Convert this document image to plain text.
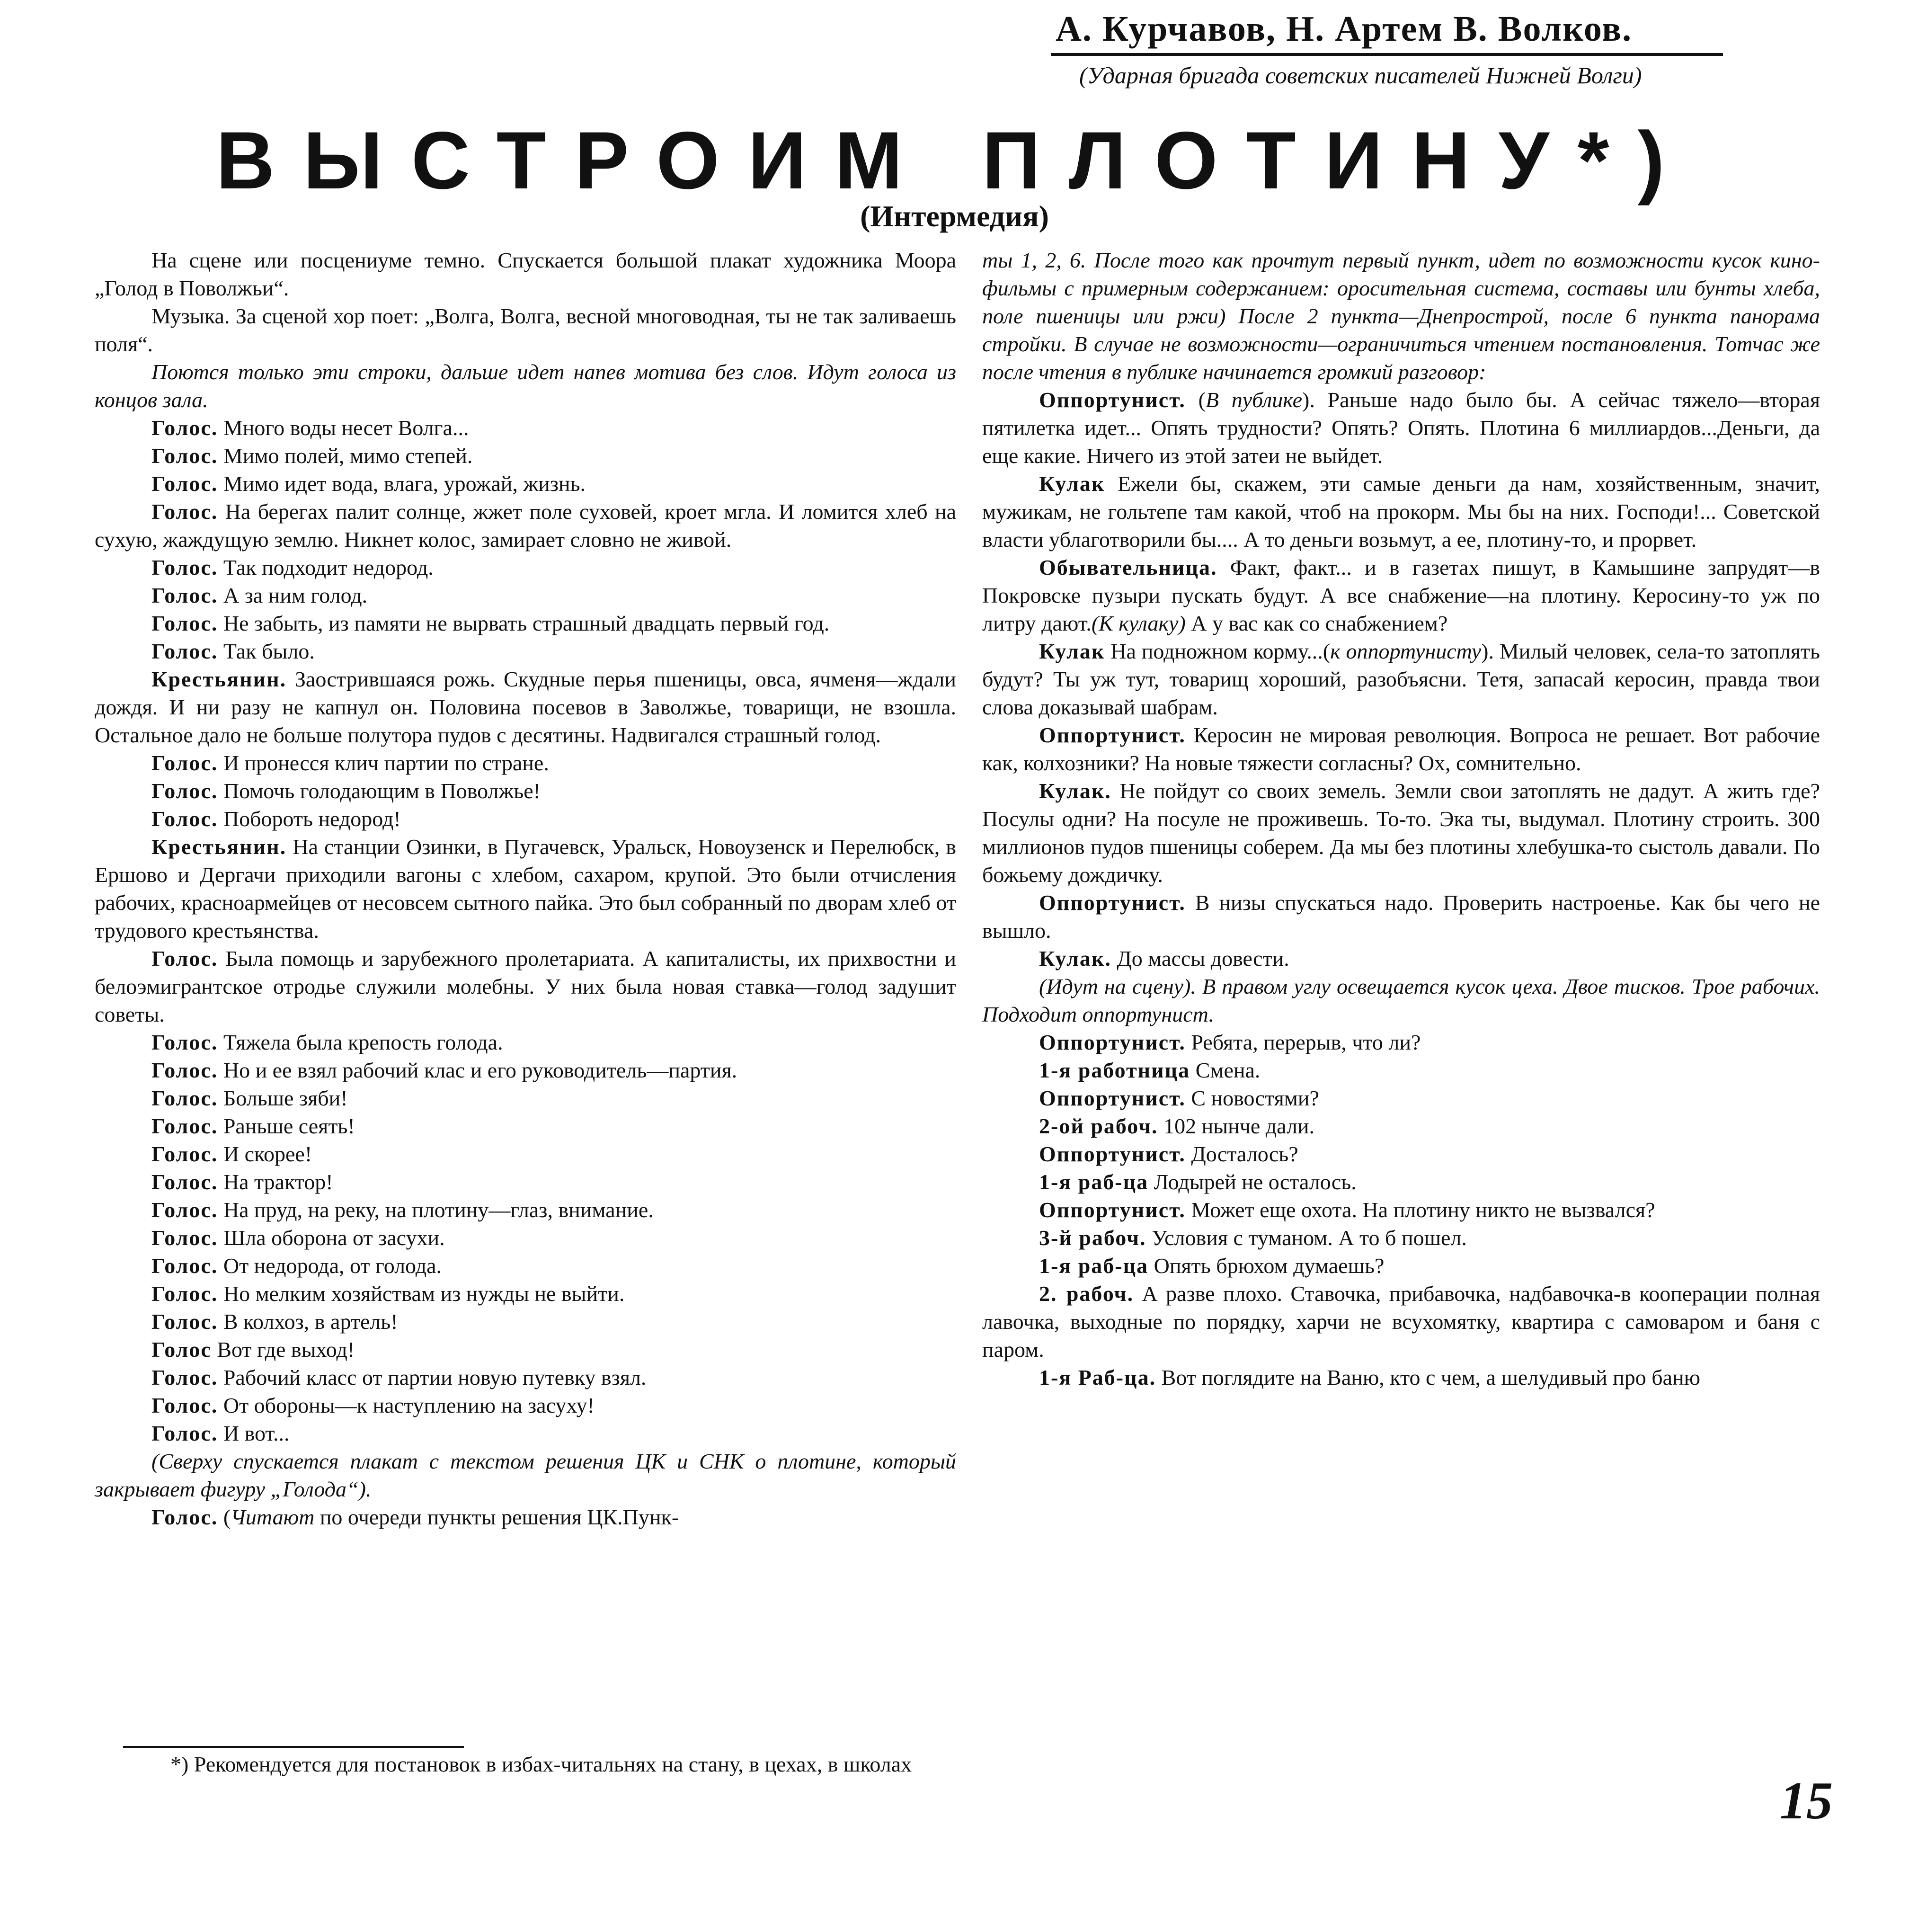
А. Курчавов, Н. Артем В. Волков.
(Ударная бригада советских писателей Нижней Волги)
ВЫСТРОИМ ПЛОТИНУ*)
(Интермедия)

На сцене или посцениуме темно. Спускается большой плакат художника Моора „Голод в Поволжьи“.

Музыка. За сценой хор поет: „Волга, Волга, весной многоводная, ты не так заливаешь поля“.

Поются только эти строки, дальше идет напев мотива без слов. Идут голоса из концов зала.

Голос. Много воды несет Волга...

Голос. Мимо полей, мимо степей.

Голос. Мимо идет вода, влага, урожай, жизнь.

Голос. На берегах палит солнце, жжет поле суховей, кроет мгла. И ломится хлеб на сухую, жаждущую землю. Никнет колос, замирает словно не живой.

Голос. Так подходит недород.

Голос. А за ним голод.

Голос. Не забыть, из памяти не вырвать страшный двадцать первый год.

Голос. Так было.

Крестьянин. Заострившаяся рожь. Скудные перья пшеницы, овса, ячменя—ждали дождя. И ни разу не капнул он. Половина посевов в Заволжье, товарищи, не взошла. Остальное дало не больше полутора пудов с десятины. Надвигался страшный голод.

Голос. И пронесся клич партии по стране.

Голос. Помочь голодающим в Поволжье!

Голос. Побороть недород!

Крестьянин. На станции Озинки, в Пугачевск, Уральск, Новоузенск и Перелюбск, в Ершово и Дергачи приходили вагоны с хлебом, сахаром, крупой. Это были отчисления рабочих, красноармейцев от несовсем сытного пайка. Это был собранный по дворам хлеб от трудового крестьянства.

Голос. Была помощь и зарубежного пролетариата. А капиталисты, их прихвостни и белоэмигрантское отродье служили молебны. У них была новая ставка—голод задушит советы.

Голос. Тяжела была крепость голода.

Голос. Но и ее взял рабочий клас и его руководитель—партия.

Голос. Больше зяби!

Голос. Раньше сеять!

Голос. И скорее!

Голос. На трактор!

Голос. На пруд, на реку, на плотину—глаз, внимание.

Голос. Шла оборона от засухи.

Голос. От недорода, от голода.

Голос. Но мелким хозяйствам из нужды не выйти.

Голос. В колхоз, в артель!

Голос Вот где выход!

Голос. Рабочий класс от партии новую путевку взял.

Голос. От обороны—к наступлению на засуху!

Голос. И вот...

(Сверху спускается плакат с текстом решения ЦК и СНК о плотине, который закрывает фигуру „Голода“).

Голос. (Читают по очереди пункты решения ЦК.Пунк-

ты 1, 2, 6. После того как прочтут первый пункт, идет по возможности кусок кино-фильмы с примерным содержанием: оросительная система, составы или бунты хлеба, поле пшеницы или ржи) После 2 пункта—Днепрострой, после 6 пункта панорама стройки. В случае не возможности—ограничиться чтением постановления. Тотчас же после чтения в публике начинается громкий разговор:

Оппортунист. (В публике). Раньше надо было бы. А сейчас тяжело—вторая пятилетка идет... Опять трудности? Опять? Опять. Плотина 6 миллиардов...Деньги, да еще какие. Ничего из этой затеи не выйдет.

Кулак Ежели бы, скажем, эти самые деньги да нам, хозяйственным, значит, мужикам, не гольтепе там какой, чтоб на прокорм. Мы бы на них. Господи!... Советской власти ублаготворили бы.... А то деньги возьмут, а ее, плотину-то, и прорвет.

Обывательница. Факт, факт... и в газетах пишут, в Камышине запрудят—в Покровске пузыри пускать будут. А все снабжение—на плотину. Керосину-то уж по литру дают.(К кулаку) А у вас как со снабжением?

Кулак На подножном корму...(к оппортунисту). Милый человек, села-то затоплять будут? Ты уж тут, товарищ хороший, разобъясни. Тетя, запасай керосин, правда твои слова доказывай шабрам.

Оппортунист. Керосин не мировая революция. Вопроса не решает. Вот рабочие как, колхозники? На новые тяжести согласны? Ох, сомнительно.

Кулак. Не пойдут со своих земель. Земли свои затоплять не дадут. А жить где? Посулы одни? На посуле не проживешь. То-то. Эка ты, выдумал. Плотину строить. 300 миллионов пудов пшеницы соберем. Да мы без плотины хлебушка-то сыстоль давали. По божьему дождичку.

Оппортунист. В низы спускаться надо. Проверить настроенье. Как бы чего не вышло.

Кулак. До массы довести.

(Идут на сцену). В правом углу освещается кусок цеха. Двое тисков. Трое рабочих. Подходит оппортунист.

Оппортунист. Ребята, перерыв, что ли?

1-я работница Смена.

Оппортунист. С новостями?

2-ой рабоч. 102 нынче дали.

Оппортунист. Досталось?

1-я раб-ца Лодырей не осталось.

Оппортунист. Может еще охота. На плотину никто не вызвался?

3-й рабоч. Условия с туманом. А то б пошел.

1-я раб-ца Опять брюхом думаешь?

2. рабоч. А разве плохо. Ставочка, прибавочка, надбавочка-в кооперации полная лавочка, выходные по порядку, харчи не всухомятку, квартира с самоваром и баня с паром.

1-я Раб-ца. Вот поглядите на Ваню, кто с чем, а шелудивый про баню

*) Рекомендуется для постановок в избах-читальнях на стану, в цехах, в школах
15
